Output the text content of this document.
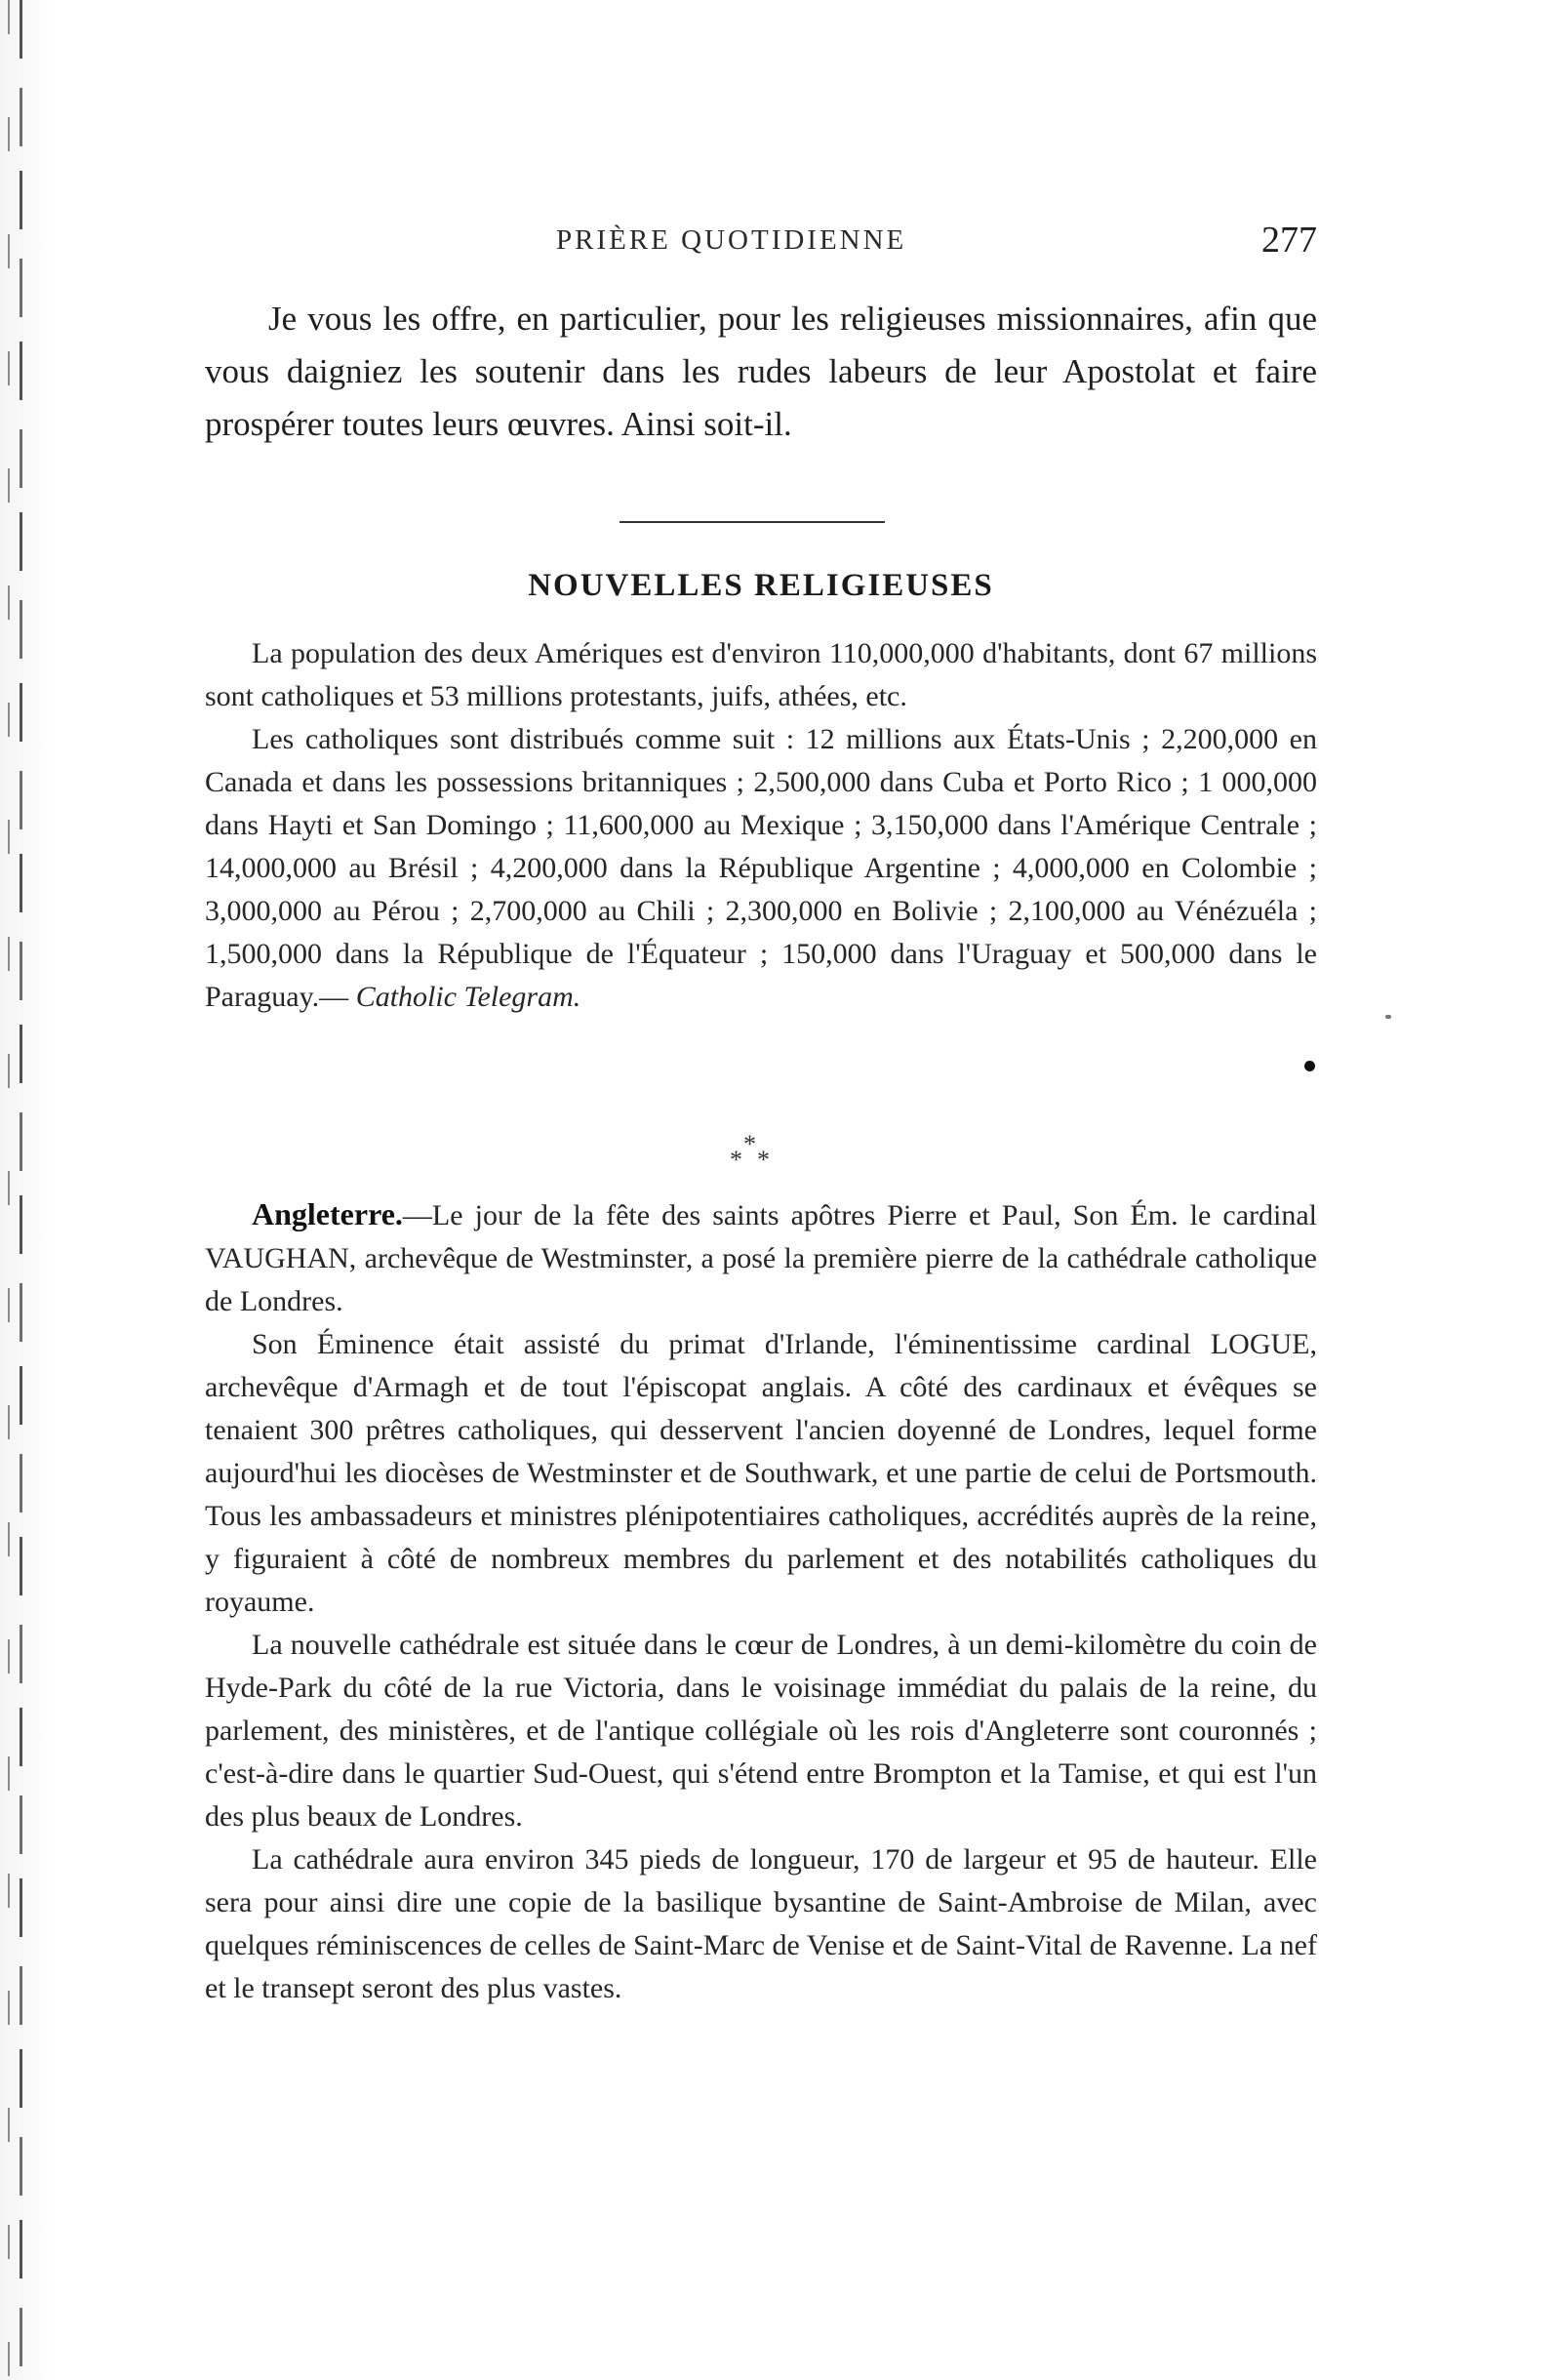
PRIÈRE QUOTIDIENNE	277
Je vous les offre, en particulier, pour les religieuses missionnaires, afin que vous daigniez les soutenir dans les rudes labeurs de leur Apostolat et faire prospérer toutes leurs œuvres. Ainsi soit-il.
NOUVELLES RELIGIEUSES

La population des deux Amériques est d'environ 110,000,000 d'habitants, dont 67 millions sont catholiques et 53 millions protestants, juifs, athées, etc.

Les catholiques sont distribués comme suit : 12 millions aux États-Unis ; 2,200,000 en Canada et dans les possessions britanniques ; 2,500,000 dans Cuba et Porto Rico ; 1 000,000 dans Hayti et San Domingo ; 11,600,000 au Mexique ; 3,150,000 dans l'Amérique Centrale ; 14,000,000 au Brésil ; 4,200,000 dans la République Argentine ; 4,000,000 en Colombie ; 3,000,000 au Pérou ; 2,700,000 au Chili ; 2,300,000 en Bolivie ; 2,100,000 au Vénézuéla ; 1,500,000 dans la République de l'Équateur ; 150,000 dans l'Uraguay et 500,000 dans le Paraguay.— Catholic Telegram.

*
* *

Angleterre.—Le jour de la fête des saints apôtres Pierre et Paul, Son Ém. le cardinal VAUGHAN, archevêque de Westminster, a posé la première pierre de la cathédrale catholique de Londres.

Son Éminence était assisté du primat d'Irlande, l'éminentissime cardinal LOGUE, archevêque d'Armagh et de tout l'épiscopat anglais. A côté des cardinaux et évêques se tenaient 300 prêtres catholiques, qui desservent l'ancien doyenné de Londres, lequel forme aujourd'hui les diocèses de Westminster et de Southwark, et une partie de celui de Portsmouth. Tous les ambassadeurs et ministres plénipotentiaires catholiques, accrédités auprès de la reine, y figuraient à côté de nombreux membres du parlement et des notabilités catholiques du royaume.

La nouvelle cathédrale est située dans le cœur de Londres, à un demi-kilomètre du coin de Hyde-Park du côté de la rue Victoria, dans le voisinage immédiat du palais de la reine, du parlement, des ministères, et de l'antique collégiale où les rois d'Angleterre sont couronnés ; c'est-à-dire dans le quartier Sud-Ouest, qui s'étend entre Brompton et la Tamise, et qui est l'un des plus beaux de Londres.

La cathédrale aura environ 345 pieds de longueur, 170 de largeur et 95 de hauteur. Elle sera pour ainsi dire une copie de la basilique bysantine de Saint-Ambroise de Milan, avec quelques réminiscences de celles de Saint-Marc de Venise et de Saint-Vital de Ravenne. La nef et le transept seront des plus vastes.
